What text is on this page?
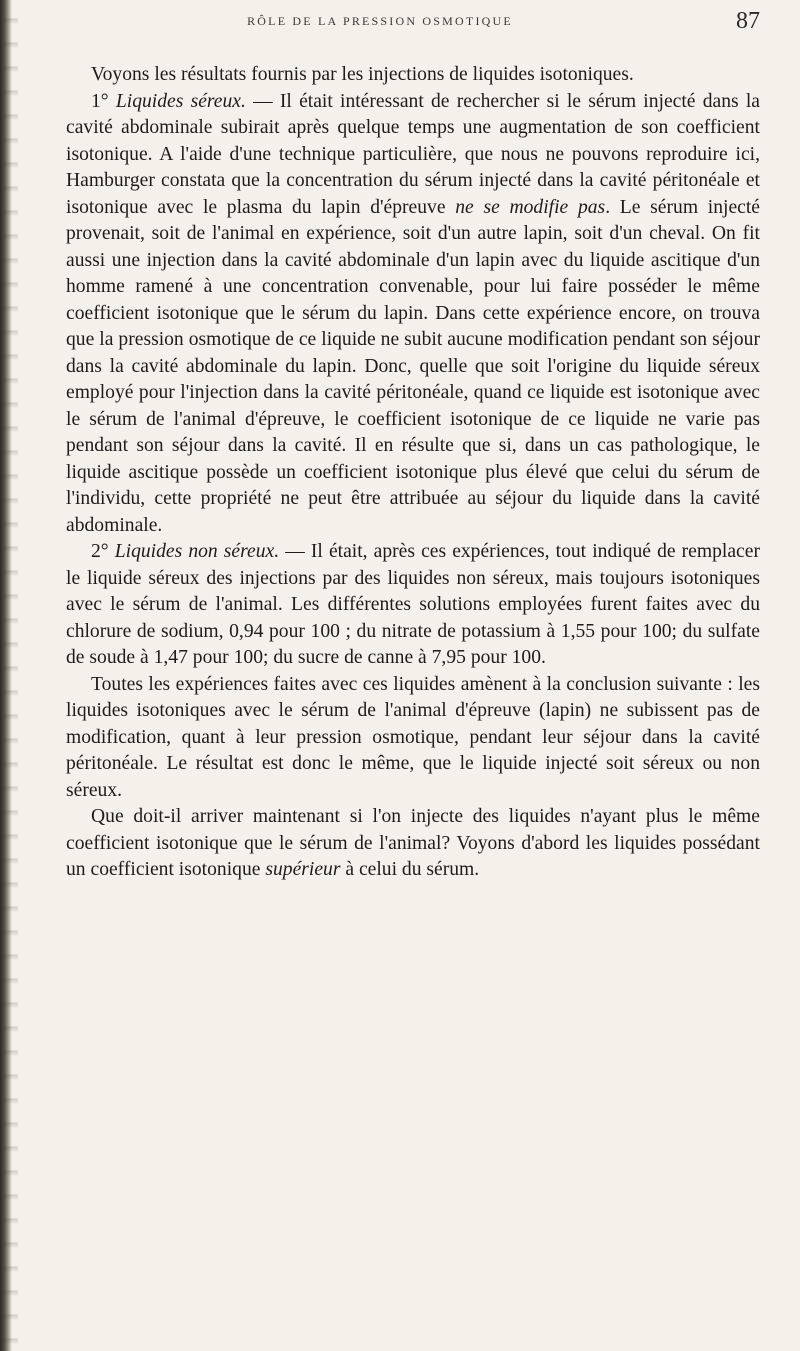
RÔLE DE LA PRESSION OSMOTIQUE	87

Voyons les résultats fournis par les injections de liquides isotoniques.

1° Liquides séreux. — Il était intéressant de rechercher si le sérum injecté dans la cavité abdominale subirait après quelque temps une augmentation de son coefficient isotonique. A l'aide d'une technique particulière, que nous ne pouvons reproduire ici, Hamburger constata que la concentration du sérum injecté dans la cavité péritonéale et isotonique avec le plasma du lapin d'épreuve ne se modifie pas. Le sérum injecté provenait, soit de l'animal en expérience, soit d'un autre lapin, soit d'un cheval. On fit aussi une injection dans la cavité abdominale d'un lapin avec du liquide ascitique d'un homme ramené à une concentration convenable, pour lui faire posséder le même coefficient isotonique que le sérum du lapin. Dans cette expérience encore, on trouva que la pression osmotique de ce liquide ne subit aucune modification pendant son séjour dans la cavité abdominale du lapin. Donc, quelle que soit l'origine du liquide séreux employé pour l'injection dans la cavité péritonéale, quand ce liquide est isotonique avec le sérum de l'animal d'épreuve, le coefficient isotonique de ce liquide ne varie pas pendant son séjour dans la cavité. Il en résulte que si, dans un cas pathologique, le liquide ascitique possède un coefficient isotonique plus élevé que celui du sérum de l'individu, cette propriété ne peut être attribuée au séjour du liquide dans la cavité abdominale.

2° Liquides non séreux. — Il était, après ces expériences, tout indiqué de remplacer le liquide séreux des injections par des liquides non séreux, mais toujours isotoniques avec le sérum de l'animal. Les différentes solutions employées furent faites avec du chlorure de sodium, 0,94 pour 100 ; du nitrate de potassium à 1,55 pour 100; du sulfate de soude à 1,47 pour 100; du sucre de canne à 7,95 pour 100.

Toutes les expériences faites avec ces liquides amènent à la conclusion suivante : les liquides isotoniques avec le sérum de l'animal d'épreuve (lapin) ne subissent pas de modification, quant à leur pression osmotique, pendant leur séjour dans la cavité péritonéale. Le résultat est donc le même, que le liquide injecté soit séreux ou non séreux.

Que doit-il arriver maintenant si l'on injecte des liquides n'ayant plus le même coefficient isotonique que le sérum de l'animal? Voyons d'abord les liquides possédant un coefficient isotonique supérieur à celui du sérum.
